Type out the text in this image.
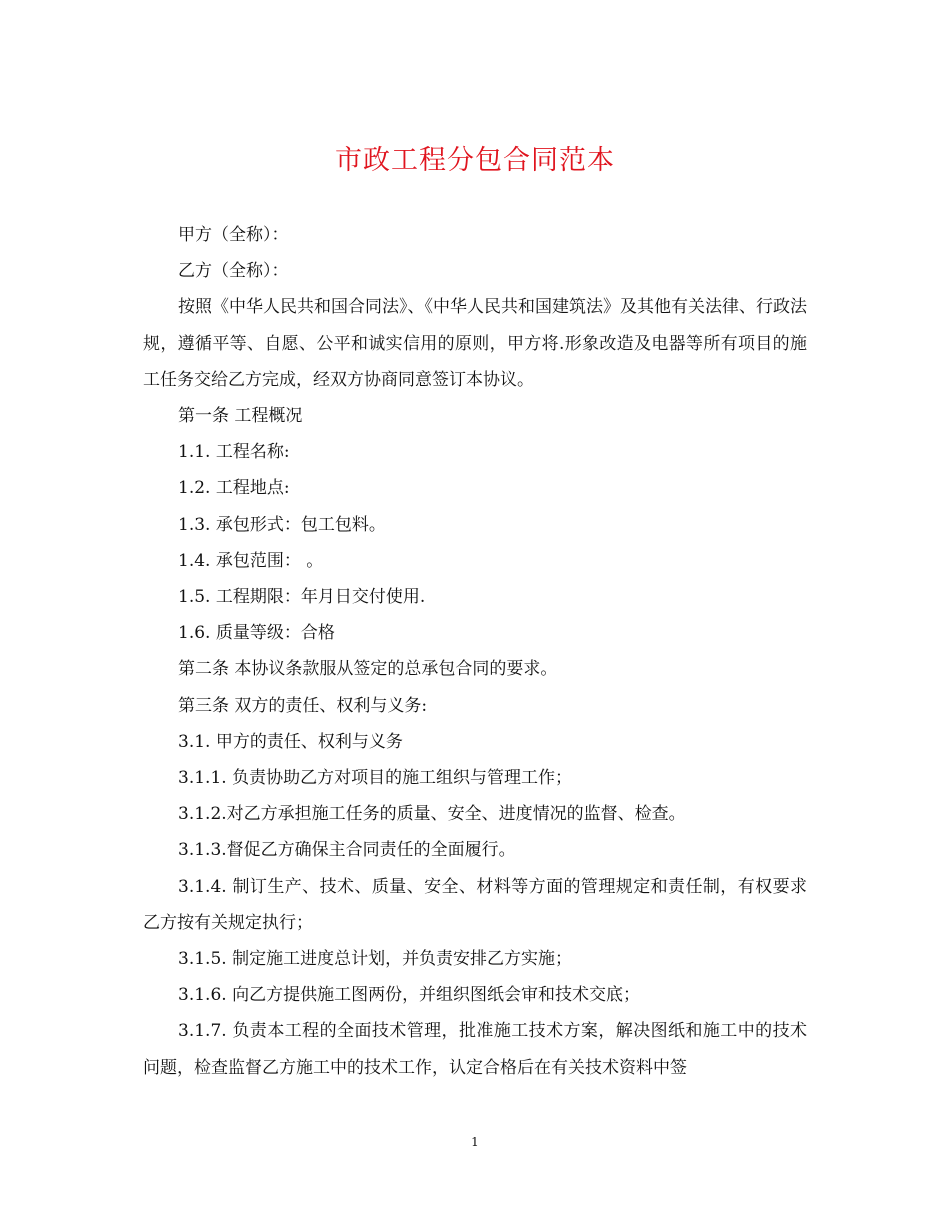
市政工程分包合同范本

甲方（全称）：

乙方（全称）：

按照《中华人民共和国合同法》、《中华人民共和国建筑法》及其他有关法律、行政法规，遵循平等、自愿、公平和诚实信用的原则，甲方将.形象改造及电器等所有项目的施工任务交给乙方完成，经双方协商同意签订本协议。

第一条 工程概况

1.1. 工程名称:

1.2. 工程地点:

1.3. 承包形式：包工包料。

1.4. 承包范围： 。

1.5. 工程期限：年月日交付使用.

1.6. 质量等级：合格

第二条 本协议条款服从签定的总承包合同的要求。

第三条 双方的责任、权利与义务:

3.1. 甲方的责任、权利与义务

3.1.1. 负责协助乙方对项目的施工组织与管理工作；

3.1.2.对乙方承担施工任务的质量、安全、进度情况的监督、检查。

3.1.3.督促乙方确保主合同责任的全面履行。

3.1.4. 制订生产、技术、质量、安全、材料等方面的管理规定和责任制，有权要求乙方按有关规定执行；

3.1.5. 制定施工进度总计划，并负责安排乙方实施；

3.1.6. 向乙方提供施工图两份，并组织图纸会审和技术交底；

3.1.7. 负责本工程的全面技术管理，批准施工技术方案，解决图纸和施工中的技术问题，检查监督乙方施工中的技术工作，认定合格后在有关技术资料中签

1
